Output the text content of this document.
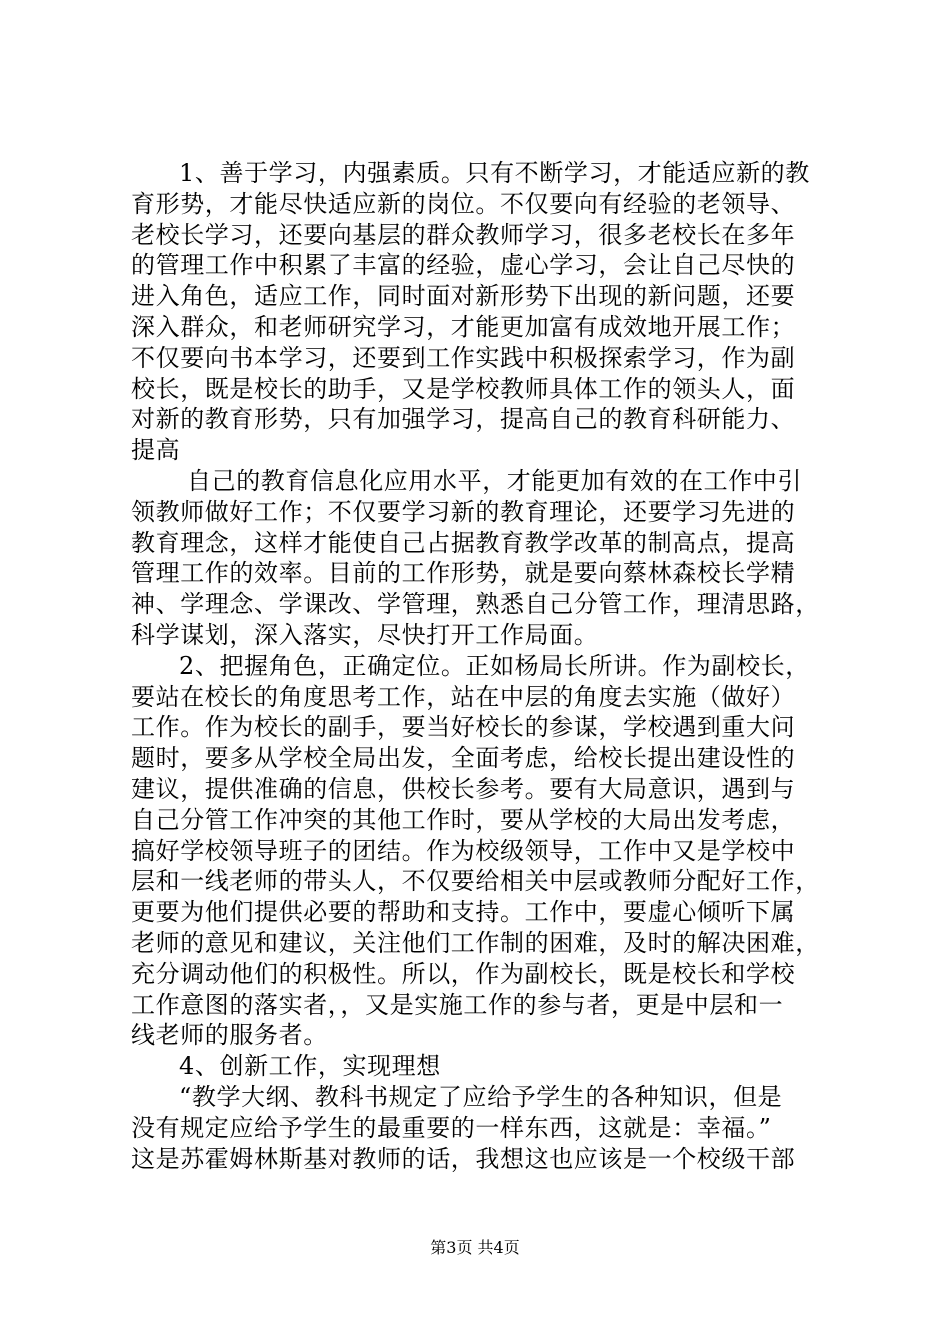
1、善于学习，内强素质。只有不断学习，才能适应新的教
育形势，才能尽快适应新的岗位。不仅要向有经验的老领导、
老校长学习，还要向基层的群众教师学习，很多老校长在多年
的管理工作中积累了丰富的经验，虚心学习，会让自己尽快的
进入角色，适应工作，同时面对新形势下出现的新问题，还要
深入群众，和老师研究学习，才能更加富有成效地开展工作；
不仅要向书本学习，还要到工作实践中积极探索学习，作为副
校长，既是校长的助手，又是学校教师具体工作的领头人，面
对新的教育形势，只有加强学习，提高自己的教育科研能力、
提高
自己的教育信息化应用水平，才能更加有效的在工作中引
领教师做好工作；不仅要学习新的教育理论，还要学习先进的
教育理念，这样才能使自己占据教育教学改革的制高点，提高
管理工作的效率。目前的工作形势，就是要向蔡林森校长学精
神、学理念、学课改、学管理，熟悉自己分管工作，理清思路，
科学谋划，深入落实，尽快打开工作局面。
2、把握角色，正确定位。正如杨局长所讲。作为副校长，
要站在校长的角度思考工作，站在中层的角度去实施（做好）
工作。作为校长的副手，要当好校长的参谋，学校遇到重大问
题时，要多从学校全局出发，全面考虑，给校长提出建设性的
建议，提供准确的信息，供校长参考。要有大局意识，遇到与
自己分管工作冲突的其他工作时，要从学校的大局出发考虑，
搞好学校领导班子的团结。作为校级领导，工作中又是学校中
层和一线老师的带头人，不仅要给相关中层或教师分配好工作，
更要为他们提供必要的帮助和支持。工作中，要虚心倾听下属
老师的意见和建议，关注他们工作制的困难，及时的解决困难，
充分调动他们的积极性。所以，作为副校长，既是校长和学校
工作意图的落实者，，又是实施工作的参与者，更是中层和一
线老师的服务者。
4、创新工作，实现理想
“教学大纲、教科书规定了应给予学生的各种知识，但是
没有规定应给予学生的最重要的一样东西，这就是：幸福。”
这是苏霍姆林斯基对教师的话，我想这也应该是一个校级干部
第3页 共4页
